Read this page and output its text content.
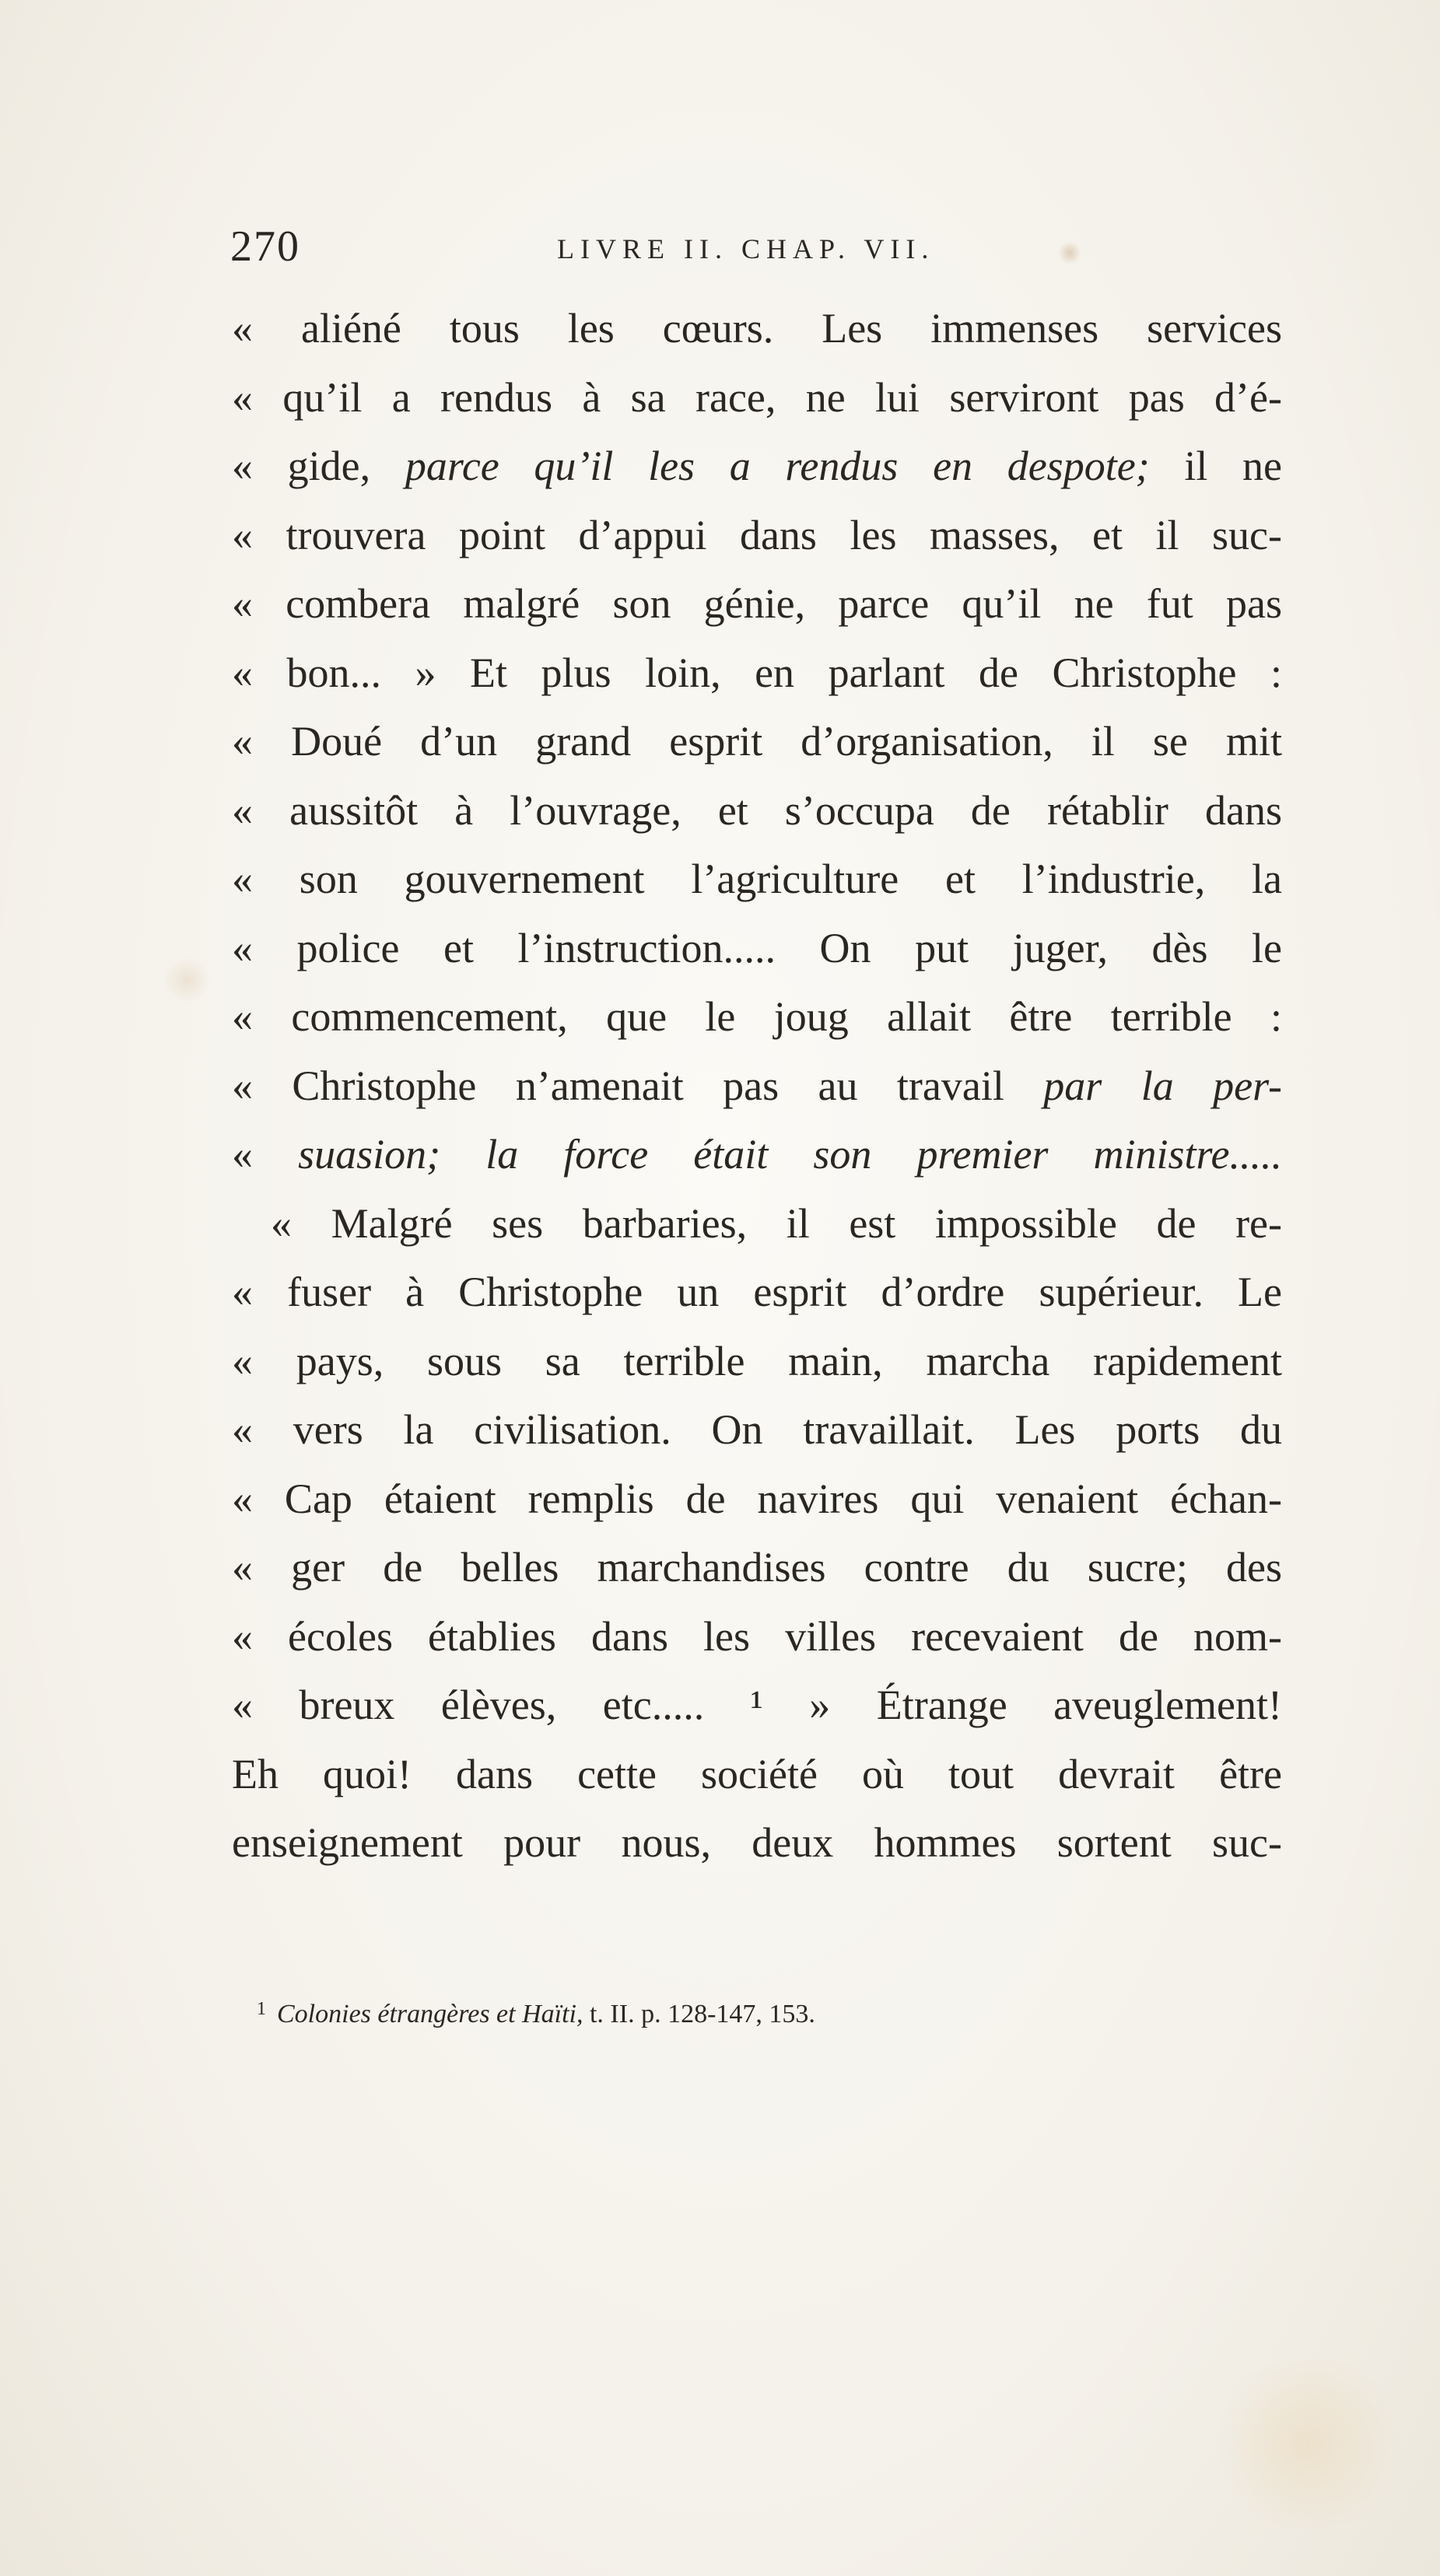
270	LIVRE II. CHAP. VII.
« aliéné tous les cœurs. Les immenses services
« qu’il a rendus à sa race, ne lui serviront pas d’é-
« gide, parce qu’il les a rendus en despote; il ne
« trouvera point d’appui dans les masses, et il suc-
« combera malgré son génie, parce qu’il ne fut pas
« bon... » Et plus loin, en parlant de Christophe :
« Doué d’un grand esprit d’organisation, il se mit
« aussitôt à l’ouvrage, et s’occupa de rétablir dans
« son gouvernement l’agriculture et l’industrie, la
« police et l’instruction..... On put juger, dès le
« commencement, que le joug allait être terrible :
« Christophe n’amenait pas au travail par la per-
« suasion; la force était son premier ministre.....
« Malgré ses barbaries, il est impossible de re-
« fuser à Christophe un esprit d’ordre supérieur. Le
« pays, sous sa terrible main, marcha rapidement
« vers la civilisation. On travaillait. Les ports du
« Cap étaient remplis de navires qui venaient échan-
« ger de belles marchandises contre du sucre; des
« écoles établies dans les villes recevaient de nom-
« breux élèves, etc..... ¹ » Étrange aveuglement!
Eh quoi! dans cette société où tout devrait être
enseignement pour nous, deux hommes sortent suc-
$^1$ Colonies étrangères et Haïti, t. II. p. 128-147, 153.
